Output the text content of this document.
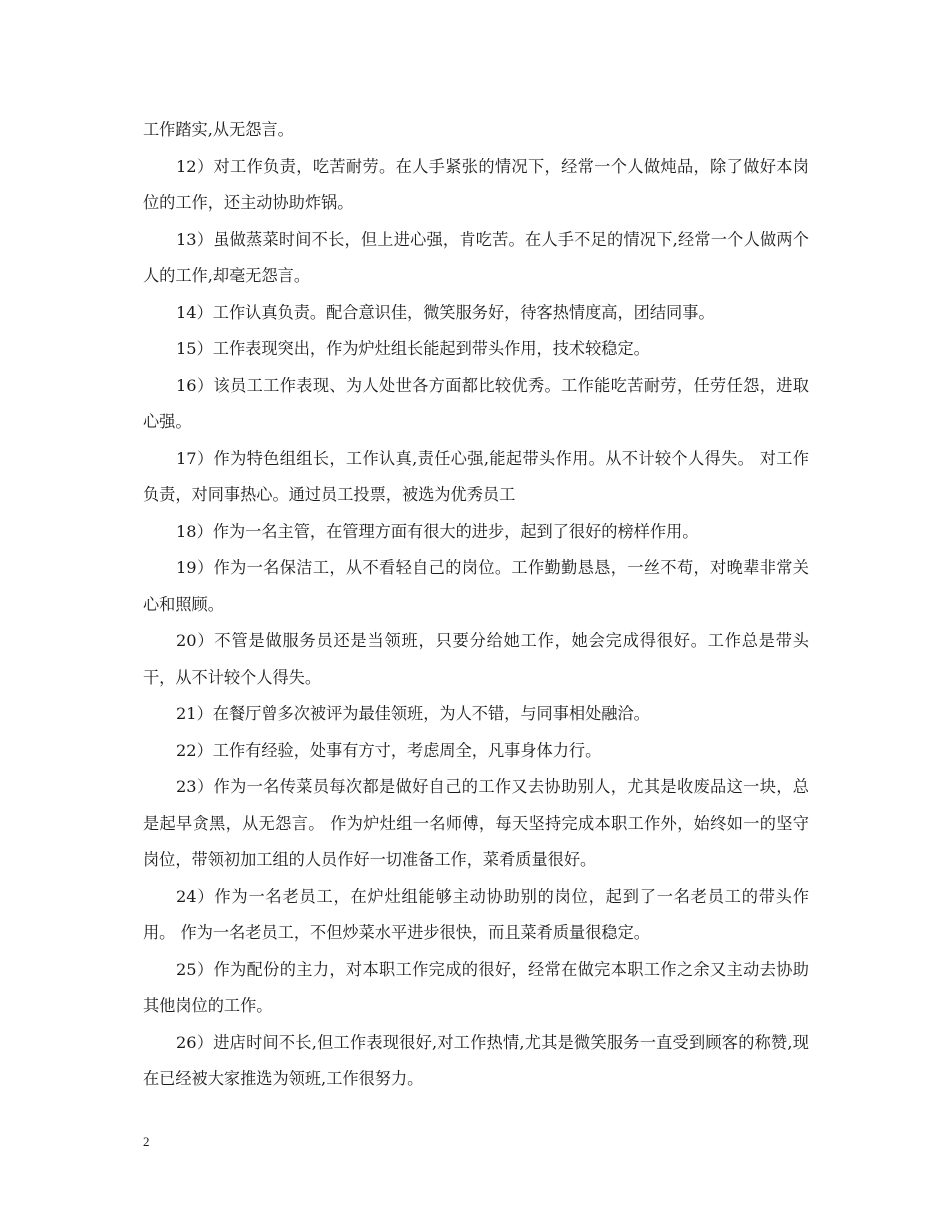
工作踏实,从无怨言。

12）对工作负责，吃苦耐劳。在人手紧张的情况下，经常一个人做炖品，除了做好本岗位的工作，还主动协助炸锅。

13）虽做蒸菜时间不长，但上进心强，肯吃苦。在人手不足的情况下,经常一个人做两个人的工作,却毫无怨言。

14）工作认真负责。配合意识佳，微笑服务好，待客热情度高，团结同事。

15）工作表现突出，作为炉灶组长能起到带头作用，技术较稳定。

16）该员工工作表现、为人处世各方面都比较优秀。工作能吃苦耐劳，任劳任怨，进取心强。

17）作为特色组组长，工作认真,责任心强,能起带头作用。从不计较个人得失。 对工作负责，对同事热心。通过员工投票，被选为优秀员工

18）作为一名主管，在管理方面有很大的进步，起到了很好的榜样作用。

19）作为一名保洁工，从不看轻自己的岗位。工作勤勤恳恳，一丝不苟，对晚辈非常关心和照顾。

20）不管是做服务员还是当领班，只要分给她工作，她会完成得很好。工作总是带头干，从不计较个人得失。

21）在餐厅曾多次被评为最佳领班，为人不错，与同事相处融洽。

22）工作有经验，处事有方寸，考虑周全，凡事身体力行。

23）作为一名传菜员每次都是做好自己的工作又去协助别人，尤其是收废品这一块，总是起早贪黑，从无怨言。 作为炉灶组一名师傅，每天坚持完成本职工作外，始终如一的坚守岗位，带领初加工组的人员作好一切准备工作，菜肴质量很好。

24）作为一名老员工，在炉灶组能够主动协助别的岗位，起到了一名老员工的带头作用。 作为一名老员工，不但炒菜水平进步很快，而且菜肴质量很稳定。

25）作为配份的主力，对本职工作完成的很好，经常在做完本职工作之余又主动去协助其他岗位的工作。

26）进店时间不长,但工作表现很好,对工作热情,尤其是微笑服务一直受到顾客的称赞,现在已经被大家推选为领班,工作很努力。

2
